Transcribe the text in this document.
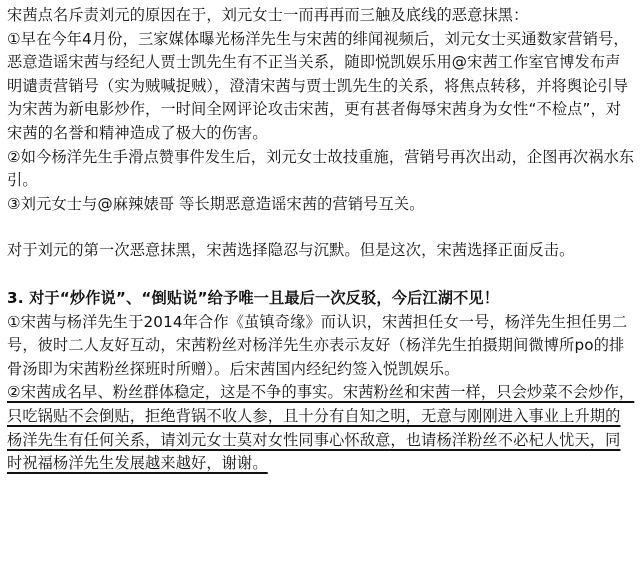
宋茜点名斥责刘元的原因在于，刘元女士一而再再而三触及底线的恶意抹黑：

①早在今年4月份，三家媒体曝光杨洋先生与宋茜的绯闻视频后，刘元女士买通数家营销号，恶意造谣宋茜与经纪人贾士凯先生有不正当关系，随即悦凯娱乐用@宋茜工作室官博发布声明谴责营销号（实为贼喊捉贼），澄清宋茜与贾士凯先生的关系，将焦点转移，并将舆论引导为宋茜为新电影炒作，一时间全网评论攻击宋茜，更有甚者侮辱宋茜身为女性“不检点”，对宋茜的名誉和精神造成了极大的伤害。

②如今杨洋先生手滑点赞事件发生后，刘元女士故技重施，营销号再次出动，企图再次祸水东引。

③刘元女士与@麻辣婊哥 等长期恶意造谣宋茜的营销号互关。

对于刘元的第一次恶意抹黑，宋茜选择隐忍与沉默。但是这次，宋茜选择正面反击。

3. 对于“炒作说”、“倒贴说”给予唯一且最后一次反驳，今后江湖不见！

①宋茜与杨洋先生于2014年合作《茧镇奇缘》而认识，宋茜担任女一号，杨洋先生担任男二号，彼时二人友好互动，宋茜粉丝对杨洋先生亦表示友好（杨洋先生拍摄期间微博所po的排骨汤即为宋茜粉丝探班时所赠）。后宋茜国内经纪约签入悦凯娱乐。

②宋茜成名早、粉丝群体稳定，这是不争的事实。宋茜粉丝和宋茜一样，只会炒菜不会炒作，只吃锅贴不会倒贴，拒绝背锅不收人参，且十分有自知之明，无意与刚刚进入事业上升期的杨洋先生有任何关系，请刘元女士莫对女性同事心怀敌意，也请杨洋粉丝不必杞人忧天，同时祝福杨洋先生发展越来越好，谢谢。
